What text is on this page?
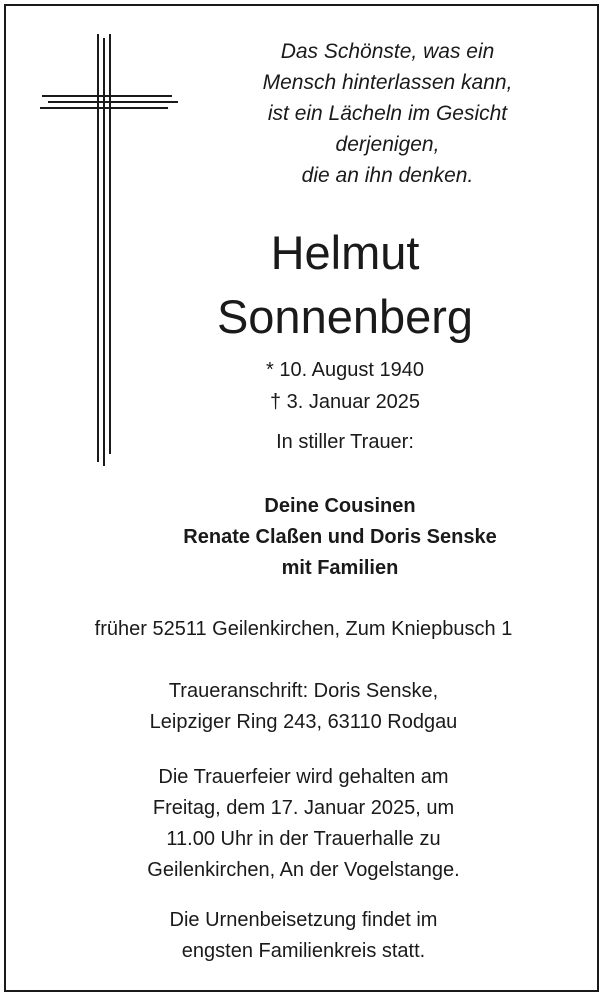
Das Schönste, was ein
Mensch hinterlassen kann,
ist ein Lächeln im Gesicht
derjenigen,
die an ihn denken.
Helmut
Sonnenberg
* 10. August 1940
† 3. Januar 2025
In stiller Trauer:
Deine Cousinen
Renate Claßen und Doris Senske
mit Familien
früher 52511 Geilenkirchen, Zum Kniepbusch 1
Traueranschrift: Doris Senske,
Leipziger Ring 243, 63110 Rodgau
Die Trauerfeier wird gehalten am
Freitag, dem 17. Januar 2025, um
11.00 Uhr in der Trauerhalle zu
Geilenkirchen, An der Vogelstange.
Die Urnenbeisetzung findet im
engsten Familienkreis statt.
